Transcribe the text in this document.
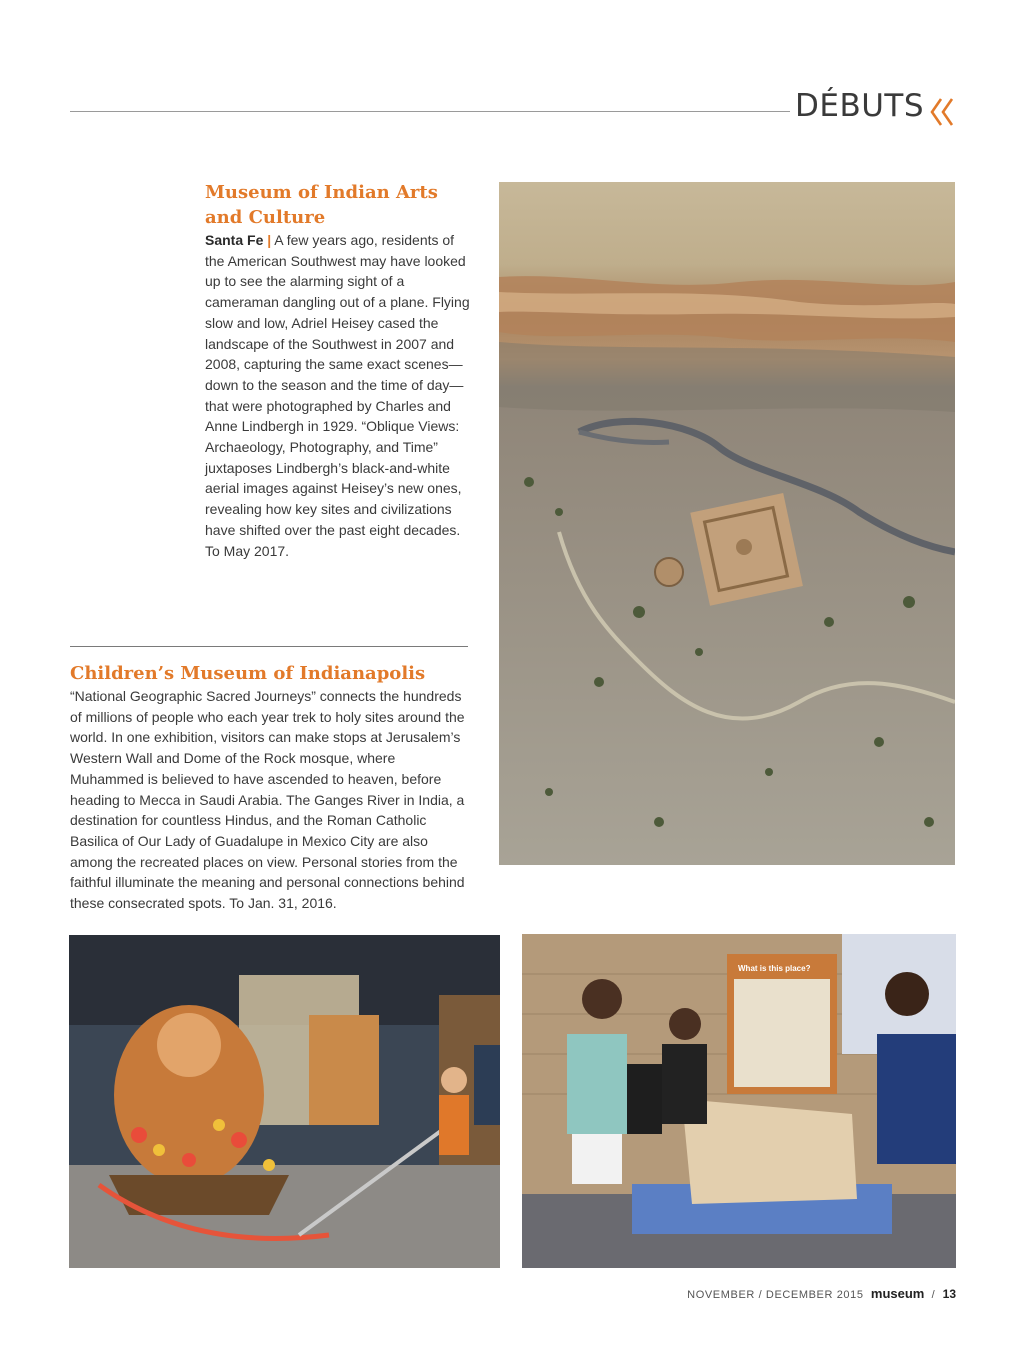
DÉBUTS
Museum of Indian Arts and Culture

Santa Fe | A few years ago, residents of the American Southwest may have looked up to see the alarming sight of a cameraman dangling out of a plane. Flying slow and low, Adriel Heisey cased the landscape of the Southwest in 2007 and 2008, capturing the same exact scenes—down to the season and the time of day—that were photographed by Charles and Anne Lindbergh in 1929. “Oblique Views: Archaeology, Photography, and Time” juxtaposes Lindbergh’s black-and-white aerial images against Heisey’s new ones, revealing how key sites and civilizations have shifted over the past eight decades. To May 2017.

Children’s Museum of Indianapolis

“National Geographic Sacred Journeys” connects the hundreds of millions of people who each year trek to holy sites around the world. In one exhibition, visitors can make stops at Jerusalem’s Western Wall and Dome of the Rock mosque, where Muhammed is believed to have ascended to heaven, before heading to Mecca in Saudi Arabia. The Ganges River in India, a destination for countless Hindus, and the Roman Catholic Basilica of Our Lady of Guadalupe in Mexico City are also among the recreated places on view. Personal stories from the faithful illuminate the meaning and personal connections behind these consecrated spots. To Jan. 31, 2016.

What is this place?
NOVEMBER / DECEMBER 2015 museum / 13
